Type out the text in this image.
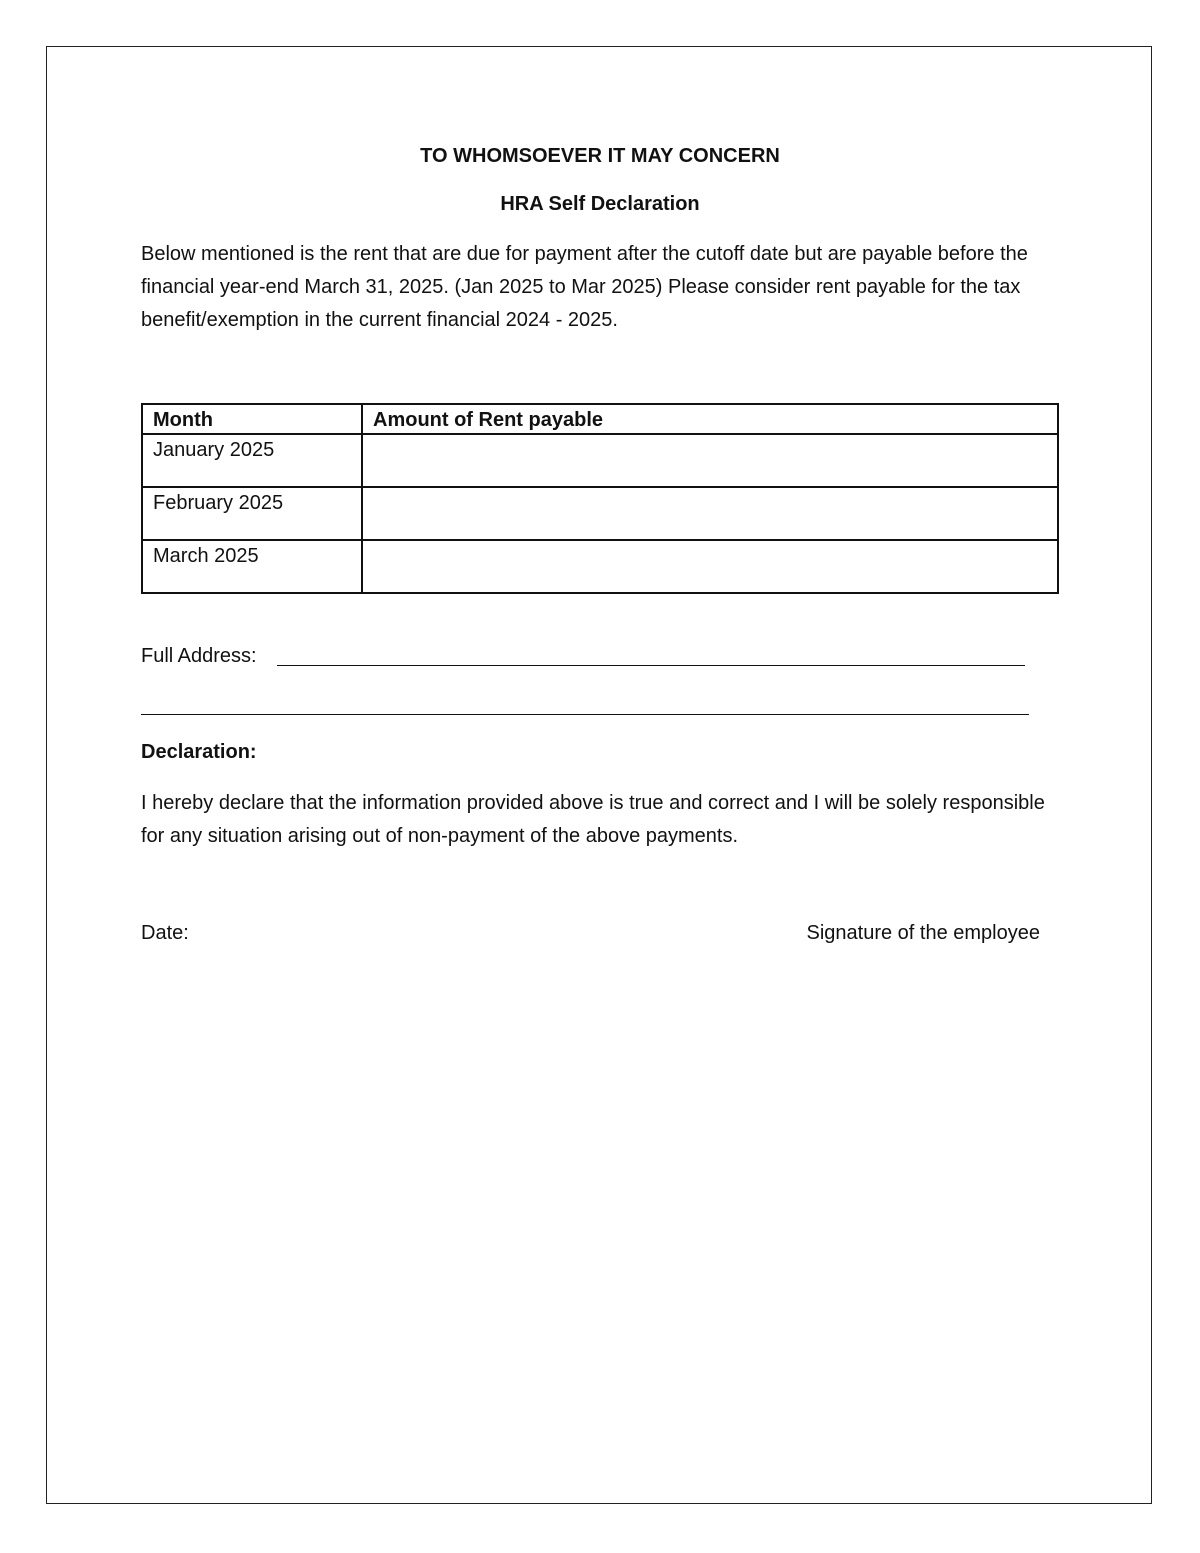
TO WHOMSOEVER IT MAY CONCERN
HRA Self Declaration

Below mentioned is the rent that are due for payment after the cutoff date but are payable before the financial year-end March 31, 2025. (Jan 2025 to Mar 2025) Please consider rent payable for the tax benefit/exemption in the current financial 2024 - 2025.

Month	Amount of Rent payable
January 2025	
February 2025	
March 2025	
Full Address:
Declaration:

I hereby declare that the information provided above is true and correct and I will be solely responsible for any situation arising out of non-payment of the above payments.

Date:	Signature of the employee
